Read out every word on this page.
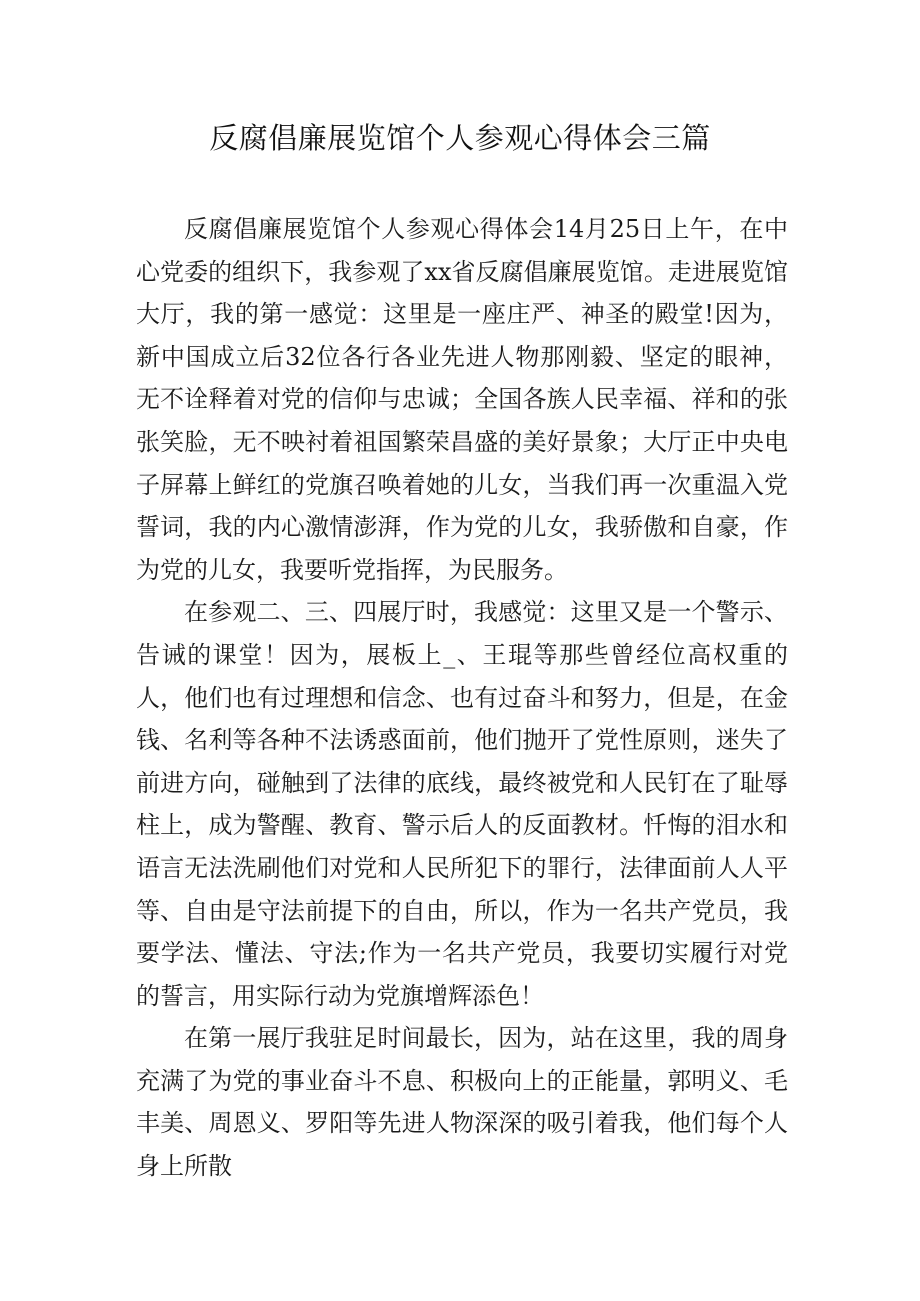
反腐倡廉展览馆个人参观心得体会三篇

反腐倡廉展览馆个人参观心得体会14月25日上午，在中心党委的组织下，我参观了xx省反腐倡廉展览馆。走进展览馆大厅，我的第一感觉：这里是一座庄严、神圣的殿堂!因为，新中国成立后32位各行各业先进人物那刚毅、坚定的眼神，无不诠释着对党的信仰与忠诚；全国各族人民幸福、祥和的张张笑脸，无不映衬着祖国繁荣昌盛的美好景象；大厅正中央电子屏幕上鲜红的党旗召唤着她的儿女，当我们再一次重温入党誓词，我的内心激情澎湃，作为党的儿女，我骄傲和自豪，作为党的儿女，我要听党指挥，为民服务。

在参观二、三、四展厅时，我感觉：这里又是一个警示、告诫的课堂！因为，展板上_、王琨等那些曾经位高权重的人，他们也有过理想和信念、也有过奋斗和努力，但是，在金钱、名利等各种不法诱惑面前，他们抛开了党性原则，迷失了前进方向，碰触到了法律的底线，最终被党和人民钉在了耻辱柱上，成为警醒、教育、警示后人的反面教材。忏悔的泪水和语言无法洗刷他们对党和人民所犯下的罪行，法律面前人人平等、自由是守法前提下的自由，所以，作为一名共产党员，我要学法、懂法、守法;作为一名共产党员，我要切实履行对党的誓言，用实际行动为党旗增辉添色！

在第一展厅我驻足时间最长，因为，站在这里，我的周身充满了为党的事业奋斗不息、积极向上的正能量，郭明义、毛丰美、周恩义、罗阳等先进人物深深的吸引着我，他们每个人身上所散
